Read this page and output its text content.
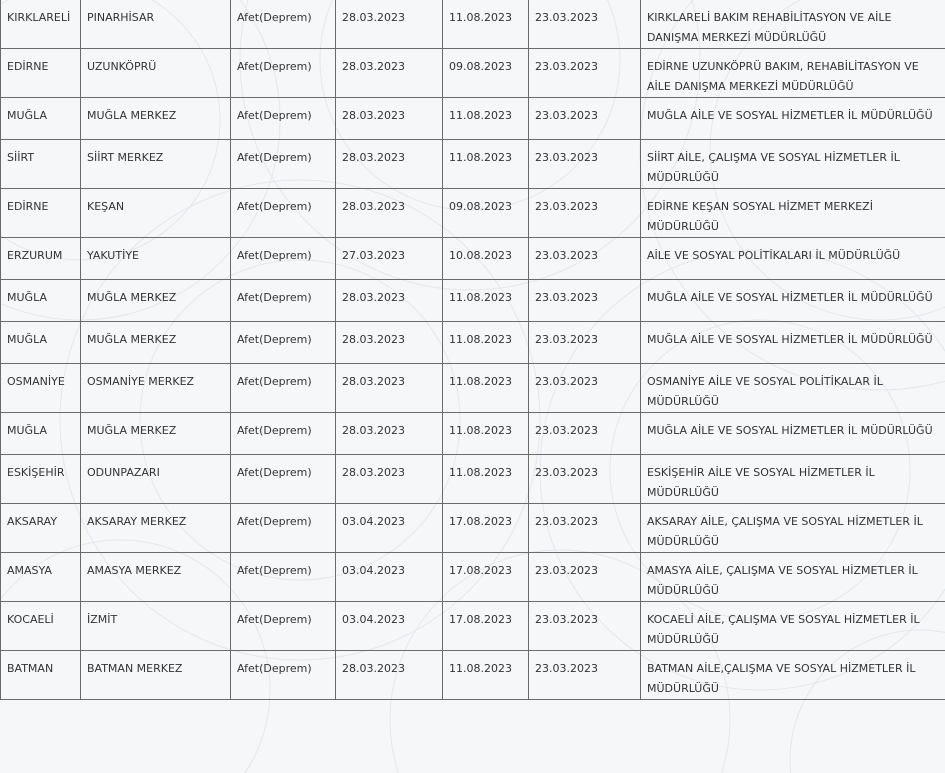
KIRKLARELİ	PINARHİSAR	Afet(Deprem)	28.03.2023	11.08.2023	23.03.2023	KIRKLARELİ BAKIM REHABİLİTASYON VE AİLE DANIŞMA MERKEZİ MÜDÜRLÜĞÜ
EDİRNE	UZUNKÖPRÜ	Afet(Deprem)	28.03.2023	09.08.2023	23.03.2023	EDİRNE UZUNKÖPRÜ BAKIM, REHABİLİTASYON VE AİLE DANIŞMA MERKEZİ MÜDÜRLÜĞÜ
MUĞLA	MUĞLA MERKEZ	Afet(Deprem)	28.03.2023	11.08.2023	23.03.2023	MUĞLA AİLE VE SOSYAL HİZMETLER İL MÜDÜRLÜĞÜ
SİİRT	SİİRT MERKEZ	Afet(Deprem)	28.03.2023	11.08.2023	23.03.2023	SİİRT AİLE, ÇALIŞMA VE SOSYAL HİZMETLER İL MÜDÜRLÜĞÜ
EDİRNE	KEŞAN	Afet(Deprem)	28.03.2023	09.08.2023	23.03.2023	EDİRNE KEŞAN SOSYAL HİZMET MERKEZİ MÜDÜRLÜĞÜ
ERZURUM	YAKUTİYE	Afet(Deprem)	27.03.2023	10.08.2023	23.03.2023	AİLE VE SOSYAL POLİTİKALARI İL MÜDÜRLÜĞÜ
MUĞLA	MUĞLA MERKEZ	Afet(Deprem)	28.03.2023	11.08.2023	23.03.2023	MUĞLA AİLE VE SOSYAL HİZMETLER İL MÜDÜRLÜĞÜ
MUĞLA	MUĞLA MERKEZ	Afet(Deprem)	28.03.2023	11.08.2023	23.03.2023	MUĞLA AİLE VE SOSYAL HİZMETLER İL MÜDÜRLÜĞÜ
OSMANİYE	OSMANİYE MERKEZ	Afet(Deprem)	28.03.2023	11.08.2023	23.03.2023	OSMANİYE AİLE VE SOSYAL POLİTİKALAR İL MÜDÜRLÜĞÜ
MUĞLA	MUĞLA MERKEZ	Afet(Deprem)	28.03.2023	11.08.2023	23.03.2023	MUĞLA AİLE VE SOSYAL HİZMETLER İL MÜDÜRLÜĞÜ
ESKİŞEHİR	ODUNPAZARI	Afet(Deprem)	28.03.2023	11.08.2023	23.03.2023	ESKİŞEHİR AİLE VE SOSYAL HİZMETLER İL MÜDÜRLÜĞÜ
AKSARAY	AKSARAY MERKEZ	Afet(Deprem)	03.04.2023	17.08.2023	23.03.2023	AKSARAY AİLE, ÇALIŞMA VE SOSYAL HİZMETLER İL MÜDÜRLÜĞÜ
AMASYA	AMASYA MERKEZ	Afet(Deprem)	03.04.2023	17.08.2023	23.03.2023	AMASYA AİLE, ÇALIŞMA VE SOSYAL HİZMETLER İL MÜDÜRLÜĞÜ
KOCAELİ	İZMİT	Afet(Deprem)	03.04.2023	17.08.2023	23.03.2023	KOCAELİ AİLE, ÇALIŞMA VE SOSYAL HİZMETLER İL MÜDÜRLÜĞÜ
BATMAN	BATMAN MERKEZ	Afet(Deprem)	28.03.2023	11.08.2023	23.03.2023	BATMAN AİLE,ÇALIŞMA VE SOSYAL HİZMETLER İL MÜDÜRLÜĞÜ
